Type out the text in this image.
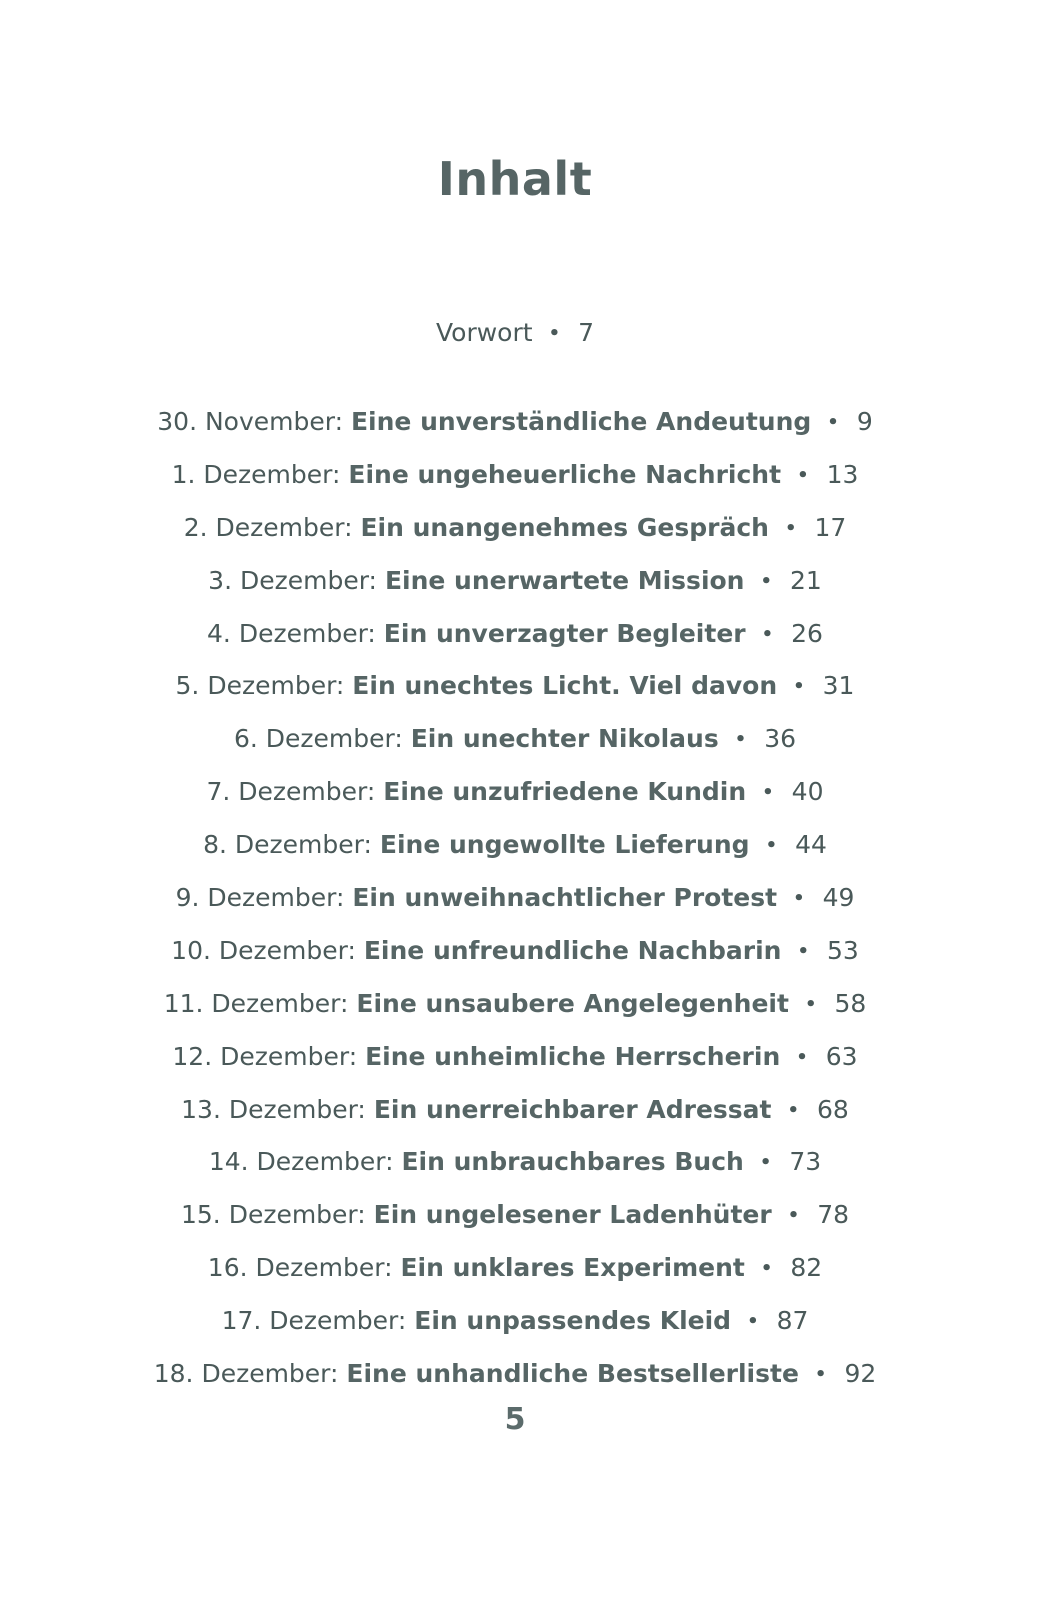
Inhalt
Vorwort • 7
30. November: Eine unverständliche Andeutung • 9
1. Dezember: Eine ungeheuerliche Nachricht • 13
2. Dezember: Ein unangenehmes Gespräch • 17
3. Dezember: Eine unerwartete Mission • 21
4. Dezember: Ein unverzagter Begleiter • 26
5. Dezember: Ein unechtes Licht. Viel davon • 31
6. Dezember: Ein unechter Nikolaus • 36
7. Dezember: Eine unzufriedene Kundin • 40
8. Dezember: Eine ungewollte Lieferung • 44
9. Dezember: Ein unweihnachtlicher Protest • 49
10. Dezember: Eine unfreundliche Nachbarin • 53
11. Dezember: Eine unsaubere Angelegenheit • 58
12. Dezember: Eine unheimliche Herrscherin • 63
13. Dezember: Ein unerreichbarer Adressat • 68
14. Dezember: Ein unbrauchbares Buch • 73
15. Dezember: Ein ungelesener Ladenhüter • 78
16. Dezember: Ein unklares Experiment • 82
17. Dezember: Ein unpassendes Kleid • 87
18. Dezember: Eine unhandliche Bestsellerliste • 92
5
